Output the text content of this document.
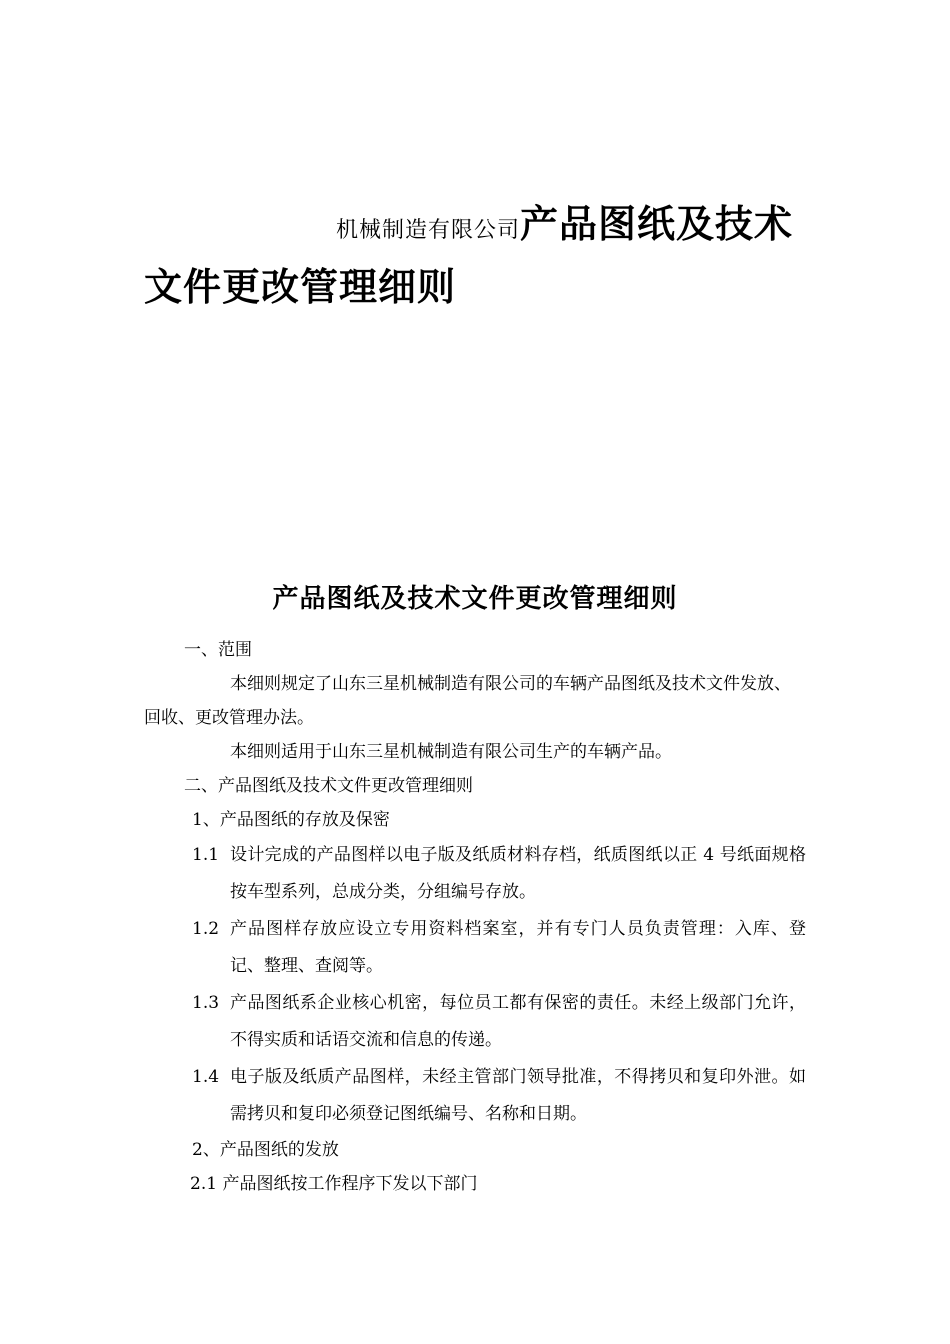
机械制造有限公司产品图纸及技术文件更改管理细则
产品图纸及技术文件更改管理细则

一、范围

本细则规定了山东三星机械制造有限公司的车辆产品图纸及技术文件发放、回收、更改管理办法。

本细则适用于山东三星机械制造有限公司生产的车辆产品。

二、产品图纸及技术文件更改管理细则

1、产品图纸的存放及保密

1.1 设计完成的产品图样以电子版及纸质材料存档，纸质图纸以正 4 号纸面规格按车型系列，总成分类，分组编号存放。
1.2 产品图样存放应设立专用资料档案室，并有专门人员负责管理：入库、登记、整理、查阅等。
1.3 产品图纸系企业核心机密，每位员工都有保密的责任。未经上级部门允许，不得实质和话语交流和信息的传递。
1.4 电子版及纸质产品图样，未经主管部门领导批准，不得拷贝和复印外泄。如需拷贝和复印必须登记图纸编号、名称和日期。

2、产品图纸的发放

2.1 产品图纸按工作程序下发以下部门
